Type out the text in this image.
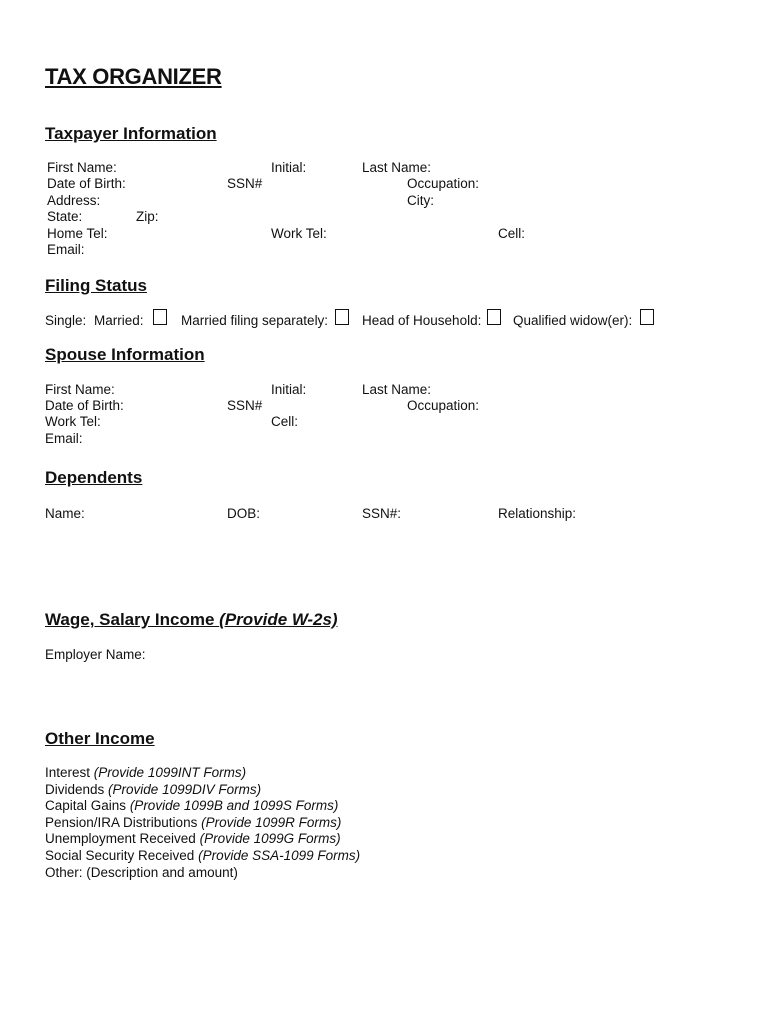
TAX ORGANIZER
Taxpayer Information
First Name:	Initial:	Last Name:
Date of Birth:	SSN#	Occupation:
Address:	City:
State:	Zip:
Home Tel:	Work Tel:	Cell:
Email:
Filing Status
Single: Married:	Married filing separately:	Head of Household: Qualified widow(er):
Spouse Information
First Name:	Initial:	Last Name:
Date of Birth:	SSN#	Occupation:
Work Tel:	Cell:
Email:
Dependents
Name:	DOB:	SSN#:	Relationship:
Wage, Salary Income (Provide W-2s)
Employer Name:
Other Income
Interest (Provide 1099INT Forms)
Dividends (Provide 1099DIV Forms)
Capital Gains (Provide 1099B and 1099S Forms)
Pension/IRA Distributions (Provide 1099R Forms)
Unemployment Received (Provide 1099G Forms)
Social Security Received (Provide SSA-1099 Forms)
Other: (Description and amount)
